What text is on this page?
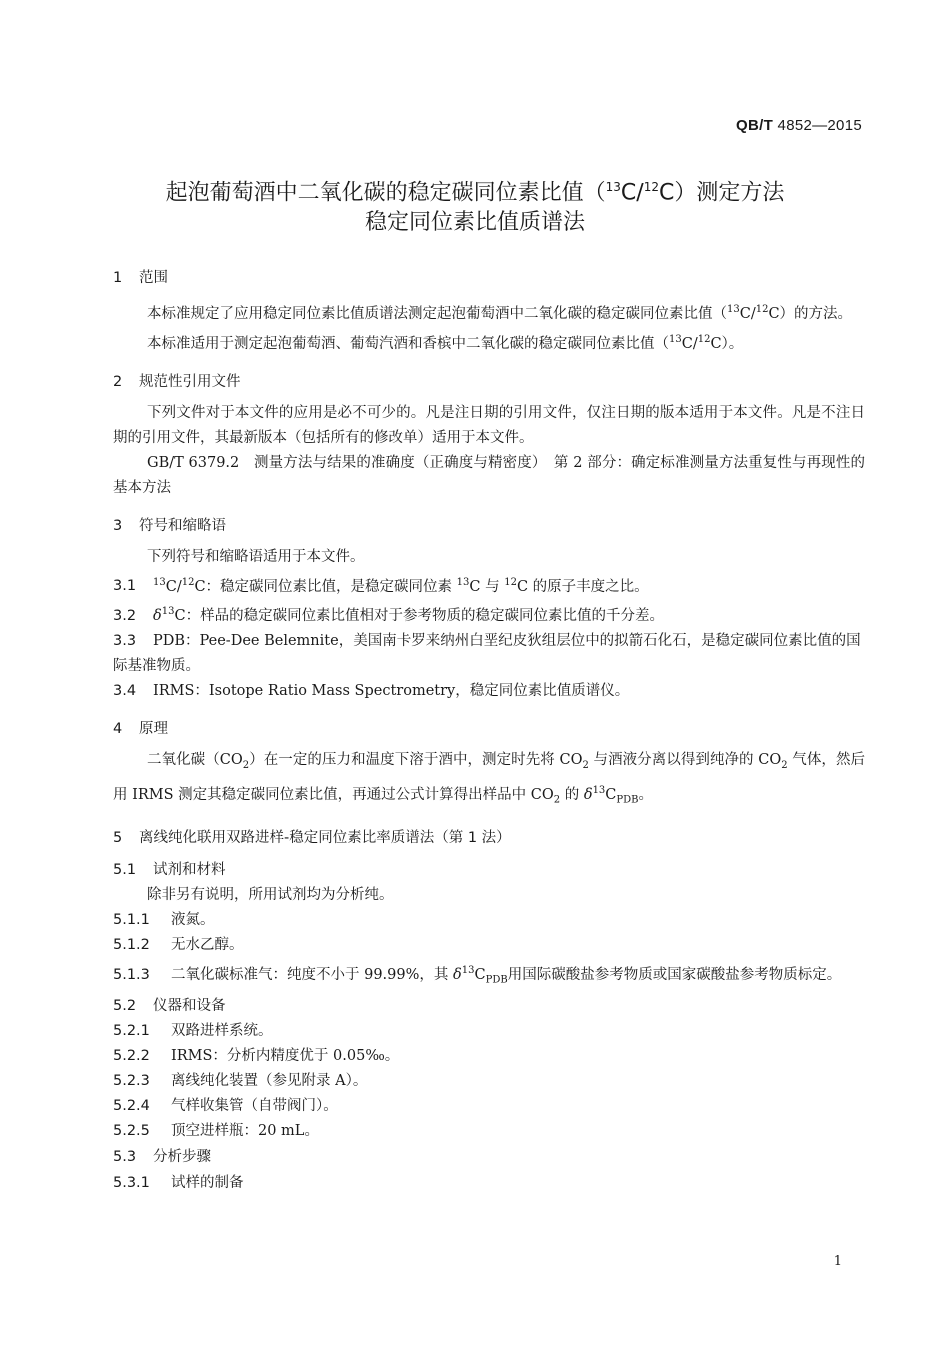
QB/T 4852—2015

起泡葡萄酒中二氧化碳的稳定碳同位素比值（$^{13}$C/$^{12}$C）测定方法

稳定同位素比值质谱法

1 范围

本标准规定了应用稳定同位素比值质谱法测定起泡葡萄酒中二氧化碳的稳定碳同位素比值（$^{13}$C/$^{12}$C）的方法。

本标准适用于测定起泡葡萄酒、葡萄汽酒和香槟中二氧化碳的稳定碳同位素比值（$^{13}$C/$^{12}$C）。

2 规范性引用文件

下列文件对于本文件的应用是必不可少的。凡是注日期的引用文件，仅注日期的版本适用于本文件。凡是不注日期的引用文件，其最新版本（包括所有的修改单）适用于本文件。

GB/T 6379.2　测量方法与结果的准确度（正确度与精密度）　第 2 部分：确定标准测量方法重复性与再现性的基本方法

3 符号和缩略语

下列符号和缩略语适用于本文件。

3.1 $^{13}$C/$^{12}$C：稳定碳同位素比值，是稳定碳同位素 $^{13}$C 与 $^{12}$C 的原子丰度之比。

3.2 $\delta^{13}C$：样品的稳定碳同位素比值相对于参考物质的稳定碳同位素比值的千分差。

3.3 PDB：Pee-Dee Belemnite，美国南卡罗来纳州白垩纪皮狄组层位中的拟箭石化石，是稳定碳同位素比值的国际基准物质。

3.4 IRMS：Isotope Ratio Mass Spectrometry，稳定同位素比值质谱仪。

4 原理

二氧化碳$(CO_2)$在一定的压力和温度下溶于酒中，测定时先将 $CO_2$ 与酒液分离以得到纯净的 $CO_2$ 气体，然后用 IRMS 测定其稳定碳同位素比值，再通过公式计算得出样品中 $CO_2$ 的 $\delta^{13}C_{PDB}$。

5 离线纯化联用双路进样-稳定同位素比率质谱法（第 1 法）

5.1 试剂和材料

除非另有说明，所用试剂均为分析纯。

5.1.1 液氮。

5.1.2 无水乙醇。

5.1.3 二氧化碳标准气：纯度不小于 99.99%，其 $\delta^{13}C_{PDB}$用国际碳酸盐参考物质或国家碳酸盐参考物质标定。

5.2 仪器和设备

5.2.1 双路进样系统。

5.2.2 IRMS：分析内精度优于 0.05‰。

5.2.3 离线纯化装置（参见附录 A）。

5.2.4 气样收集管（自带阀门）。

5.2.5 顶空进样瓶：20 mL。

5.3 分析步骤

5.3.1 试样的制备

1
